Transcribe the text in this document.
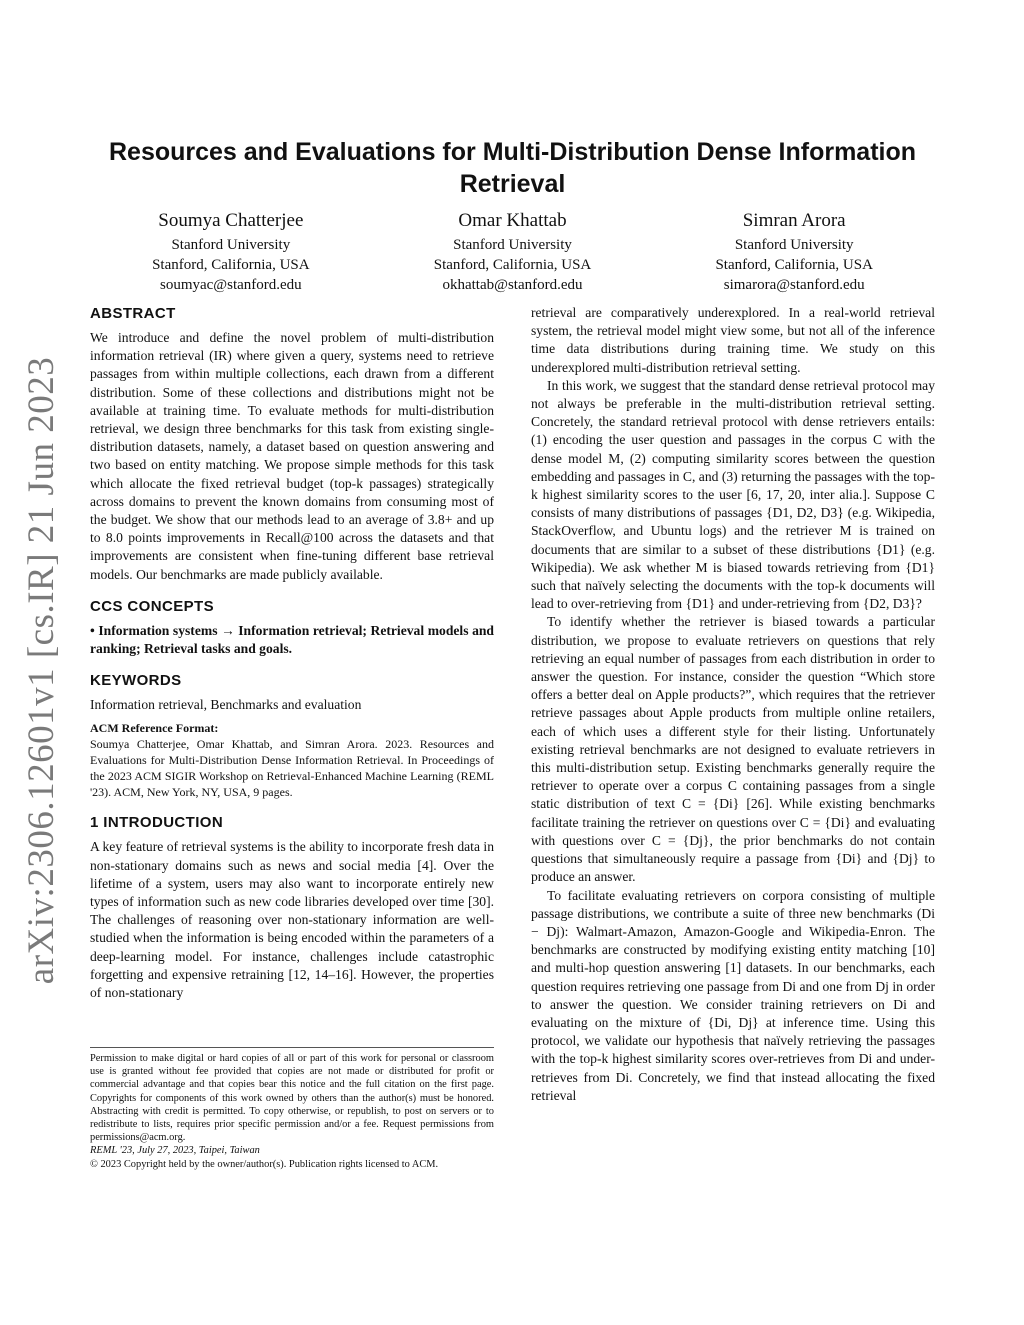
arXiv:2306.12601v1 [cs.IR] 21 Jun 2023
Resources and Evaluations for Multi-Distribution Dense Information Retrieval
Soumya Chatterjee
Stanford University
Stanford, California, USA
soumyac@stanford.edu
Omar Khattab
Stanford University
Stanford, California, USA
okhattab@stanford.edu
Simran Arora
Stanford University
Stanford, California, USA
simarora@stanford.edu
ABSTRACT

We introduce and define the novel problem of multi-distribution information retrieval (IR) where given a query, systems need to retrieve passages from within multiple collections, each drawn from a different distribution. Some of these collections and distributions might not be available at training time. To evaluate methods for multi-distribution retrieval, we design three benchmarks for this task from existing single-distribution datasets, namely, a dataset based on question answering and two based on entity matching. We propose simple methods for this task which allocate the fixed retrieval budget (top-k passages) strategically across domains to prevent the known domains from consuming most of the budget. We show that our methods lead to an average of 3.8+ and up to 8.0 points improvements in Recall@100 across the datasets and that improvements are consistent when fine-tuning different base retrieval models. Our benchmarks are made publicly available.

CCS CONCEPTS

• Information systems → Information retrieval; Retrieval models and ranking; Retrieval tasks and goals.

KEYWORDS

Information retrieval, Benchmarks and evaluation

ACM Reference Format:

Soumya Chatterjee, Omar Khattab, and Simran Arora. 2023. Resources and Evaluations for Multi-Distribution Dense Information Retrieval. In Proceedings of the 2023 ACM SIGIR Workshop on Retrieval-Enhanced Machine Learning (REML '23). ACM, New York, NY, USA, 9 pages.

1 INTRODUCTION

A key feature of retrieval systems is the ability to incorporate fresh data in non-stationary domains such as news and social media [4]. Over the lifetime of a system, users may also want to incorporate entirely new types of information such as new code libraries developed over time [30]. The challenges of reasoning over non-stationary information are well-studied when the information is being encoded within the parameters of a deep-learning model. For instance, challenges include catastrophic forgetting and expensive retraining [12, 14–16]. However, the properties of non-stationary

Permission to make digital or hard copies of all or part of this work for personal or classroom use is granted without fee provided that copies are not made or distributed for profit or commercial advantage and that copies bear this notice and the full citation on the first page. Copyrights for components of this work owned by others than the author(s) must be honored. Abstracting with credit is permitted. To copy otherwise, or republish, to post on servers or to redistribute to lists, requires prior specific permission and/or a fee. Request permissions from permissions@acm.org.

REML '23, July 27, 2023, Taipei, Taiwan
© 2023 Copyright held by the owner/author(s). Publication rights licensed to ACM.

retrieval are comparatively underexplored. In a real-world retrieval system, the retrieval model might view some, but not all of the inference time data distributions during training time. We study on this underexplored multi-distribution retrieval setting.

In this work, we suggest that the standard dense retrieval protocol may not always be preferable in the multi-distribution retrieval setting. Concretely, the standard retrieval protocol with dense retrievers entails: (1) encoding the user question and passages in the corpus C with the dense model M, (2) computing similarity scores between the question embedding and passages in C, and (3) returning the passages with the top-k highest similarity scores to the user [6, 17, 20, inter alia.]. Suppose C consists of many distributions of passages {D1, D2, D3} (e.g. Wikipedia, StackOverflow, and Ubuntu logs) and the retriever M is trained on documents that are similar to a subset of these distributions {D1} (e.g. Wikipedia). We ask whether M is biased towards retrieving from {D1} such that naïvely selecting the documents with the top-k documents will lead to over-retrieving from {D1} and under-retrieving from {D2, D3}?

To identify whether the retriever is biased towards a particular distribution, we propose to evaluate retrievers on questions that rely retrieving an equal number of passages from each distribution in order to answer the question. For instance, consider the question “Which store offers a better deal on Apple products?”, which requires that the retriever retrieve passages about Apple products from multiple online retailers, each of which uses a different style for their listing. Unfortunately existing retrieval benchmarks are not designed to evaluate retrievers in this multi-distribution setup. Existing benchmarks generally require the retriever to operate over a corpus C containing passages from a single static distribution of text C = {Di} [26]. While existing benchmarks facilitate training the retriever on questions over C = {Di} and evaluating with questions over C = {Dj}, the prior benchmarks do not contain questions that simultaneously require a passage from {Di} and {Dj} to produce an answer.

To facilitate evaluating retrievers on corpora consisting of multiple passage distributions, we contribute a suite of three new benchmarks (Di − Dj): Walmart-Amazon, Amazon-Google and Wikipedia-Enron. The benchmarks are constructed by modifying existing entity matching [10] and multi-hop question answering [1] datasets. In our benchmarks, each question requires retrieving one passage from Di and one from Dj in order to answer the question. We consider training retrievers on Di and evaluating on the mixture of {Di, Dj} at inference time. Using this protocol, we validate our hypothesis that naïvely retrieving the passages with the top-k highest similarity scores over-retrieves from Di and under-retrieves from Di. Concretely, we find that instead allocating the fixed retrieval
